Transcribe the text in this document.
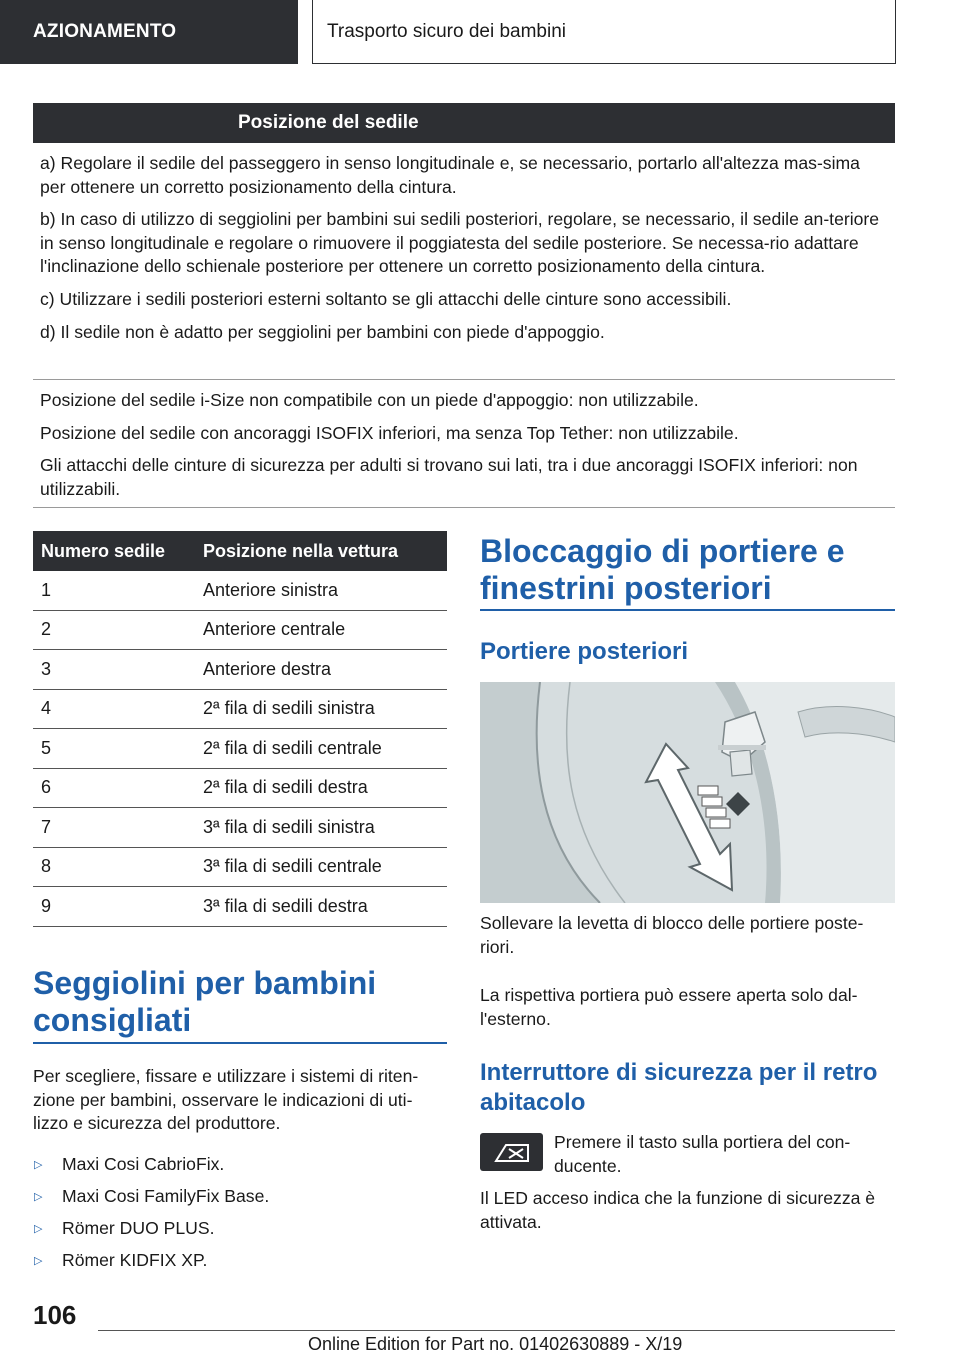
AZIONAMENTO	Trasporto sicuro dei bambini
Posizione del sedile

a) Regolare il sedile del passeggero in senso longitudinale e, se necessario, portarlo all'altezza mas-sima per ottenere un corretto posizionamento della cintura.

b) In caso di utilizzo di seggiolini per bambini sui sedili posteriori, regolare, se necessario, il sedile an-teriore in senso longitudinale e regolare o rimuovere il poggiatesta del sedile posteriore. Se necessa-rio adattare l'inclinazione dello schienale posteriore per ottenere un corretto posizionamento della cintura.

c) Utilizzare i sedili posteriori esterni soltanto se gli attacchi delle cinture sono accessibili.

d) Il sedile non è adatto per seggiolini per bambini con piede d'appoggio.

Posizione del sedile i-Size non compatibile con un piede d'appoggio: non utilizzabile.

Posizione del sedile con ancoraggi ISOFIX inferiori, ma senza Top Tether: non utilizzabile.

Gli attacchi delle cinture di sicurezza per adulti si trovano sui lati, tra i due ancoraggi ISOFIX inferiori: non utilizzabili.

Numero sedile	Posizione nella vettura
1	Anteriore sinistra
2	Anteriore centrale
3	Anteriore destra
4	2ª fila di sedili sinistra
5	2ª fila di sedili centrale
6	2ª fila di sedili destra
7	3ª fila di sedili sinistra
8	3ª fila di sedili centrale
9	3ª fila di sedili destra
Seggiolini per bambini consigliati
Per scegliere, fissare e utilizzare i sistemi di riten-zione per bambini, osservare le indicazioni di uti-lizzo e sicurezza del produttore.
▷	Maxi Cosi CabrioFix.
▷	Maxi Cosi FamilyFix Base.
▷	Römer DUO PLUS.
▷	Römer KIDFIX XP.
Bloccaggio di portiere e finestrini posteriori
Portiere posteriori
Sollevare la levetta di blocco delle portiere poste-riori.
La rispettiva portiera può essere aperta solo dal-l'esterno.
Interruttore di sicurezza per il retro abitacolo
Premere il tasto sulla portiera del con-ducente.
Il LED acceso indica che la funzione di sicurezza è attivata.
106
Online Edition for Part no. 01402630889 - X/19
